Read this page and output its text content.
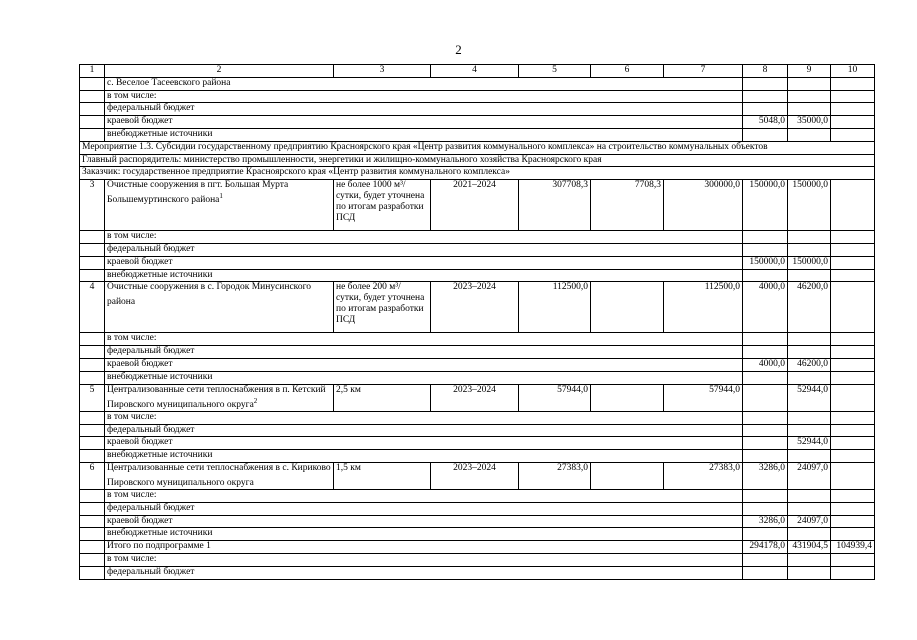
2
1	2	3	4	5	6	7	8	9	10
	с. Веселое Тасеевского района								
	в том числе:								
	федеральный бюджет								
	краевой бюджет						5048,0	35000,0	
	внебюджетные источники								
Мероприятие 1.3. Субсидии государственному предприятию Красноярского края «Центр развития коммунального комплекса» на строительство коммунальных объектов									
Главный распорядитель: министерство промышленности, энергетики и жилищно-коммунального хозяйства Красноярского края									
Заказчик: государственное предприятие Красноярского края «Центр развития коммунального комплекса»									
3	Очистные сооружения в пгт. Большая Мурта Большемуртинского района$^1$	не более 1000 м³/ сутки, будет уточнена по итогам разработки ПСД	2021–2024	307708,3	7708,3	300000,0	150000,0	150000,0	
	в том числе:								
	федеральный бюджет								
	краевой бюджет						150000,0	150000,0	
	внебюджетные источники								
4	Очистные сооружения в с. Городок Минусинского района	не более 200 м³/ сутки, будет уточнена по итогам разработки ПСД	2023–2024	112500,0		112500,0	4000,0	46200,0	
	в том числе:								
	федеральный бюджет								
	краевой бюджет						4000,0	46200,0	
	внебюджетные источники								
5	Централизованные сети теплоснабжения в п. Кетский Пировского муниципального округа$^2$	2,5 км	2023–2024	57944,0		57944,0		52944,0	
	в том числе:								
	федеральный бюджет								
	краевой бюджет							52944,0	
	внебюджетные источники								
6	Централизованные сети теплоснабжения в с. Кириково Пировского муниципального округа	1,5 км	2023–2024	27383,0		27383,0	3286,0	24097,0	
	в том числе:								
	федеральный бюджет								
	краевой бюджет						3286,0	24097,0	
	внебюджетные источники								
	Итого по подпрограмме 1						294178,0	431904,5	104939,4
	в том числе:								
	федеральный бюджет								
